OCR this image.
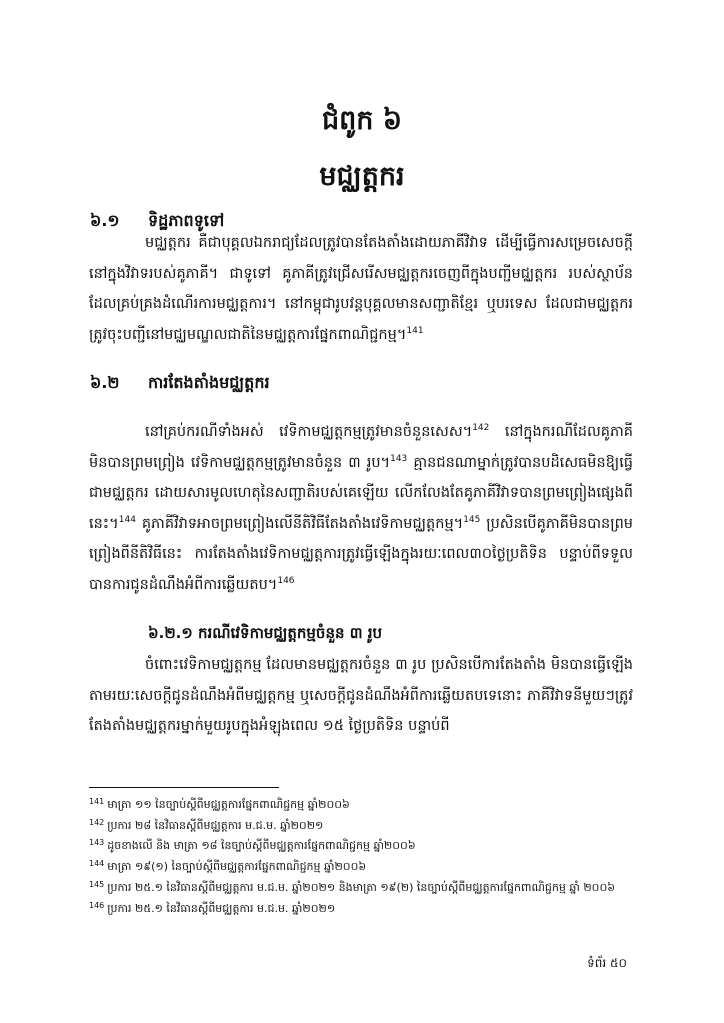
ជំពូក ៦
មជ្ឈត្តករ
៦.១ ទិដ្ឋភាពទូទៅ

មជ្ឈត្តករ គឺជាបុគ្គលឯករាជ្យដែលត្រូវបានតែងតាំងដោយភាគីវិវាទ ដើម្បីធ្វើការសម្រេចសេចក្តីនៅក្នុងវិវាទរបស់គូភាគី។ ជាទូទៅ គូភាគីត្រូវជ្រើសរើសមជ្ឈត្តករចេញពីក្នុងបញ្ជីមជ្ឈត្តករ របស់ស្ថាប័នដែលគ្រប់គ្រងដំណើរការមជ្ឈត្តការ។ នៅកម្ពុជារូបវន្តបុគ្គលមានសញ្ជាតិខ្មែរ ឬបរទេស ដែលជាមជ្ឈត្តករត្រូវចុះបញ្ជីនៅមជ្ឈមណ្ឌលជាតិនៃមជ្ឈត្តការផ្នែកពាណិជ្ជកម្ម។$^{141}$

៦.២ ការតែងតាំងមជ្ឈត្តករ

នៅគ្រប់ករណីទាំងអស់ វេទិកាមជ្ឈត្តកម្មត្រូវមានចំនួនសេស។$^{142}$ នៅក្នុងករណីដែលគូភាគី មិនបានព្រមព្រៀង វេទិកាមជ្ឈត្តកម្មត្រូវមានចំនួន ៣ រូប។$^{143}$ គ្មានជនណាម្នាក់ត្រូវបានបដិសេធមិនឱ្យធ្វើជាមជ្ឈត្តករ ដោយសារមូលហេតុនៃសញ្ជាតិរបស់គេឡើយ លើកលែងតែគូភាគីវិវាទបានព្រមព្រៀងផ្សេងពីនេះ។$^{144}$ គូភាគីវិវាទអាចព្រមព្រៀងលើនីតិវិធីតែងតាំងវេទិកាមជ្ឈត្តកម្ម។$^{145}$ ប្រសិនបើគូភាគីមិនបានព្រមព្រៀងពីនីតិវិធីនេះ ការតែងតាំងវេទិកាមជ្ឈត្តការត្រូវធ្វើឡើងក្នុងរយៈពេល៣០ថ្ងៃប្រតិទិន បន្ទាប់ពីទទួលបានការជូនដំណឹងអំពីការឆ្លើយតប។$^{146}$

៦.២.១ ករណីវេទិកាមជ្ឈត្តកម្មចំនួន ៣ រូប

ចំពោះវេទិកាមជ្ឈត្តកម្ម ដែលមានមជ្ឈត្តករចំនួន ៣ រូប ប្រសិនបើការតែងតាំង មិនបានធ្វើឡើង តាមរយៈសេចក្តីជូនដំណឹងអំពីមជ្ឈត្តកម្ម ឬសេចក្តីជូនដំណឹងអំពីការឆ្លើយតបទេនោះ ភាគីវិវាទនីមួយៗត្រូវតែងតាំងមជ្ឈត្តករម្នាក់មួយរូបក្នុងអំឡុងពេល ១៥ ថ្ងៃប្រតិទិន បន្ទាប់ពី

$^{141}$ មាត្រា ១១ នៃច្បាប់ស្តីពីមជ្ឈត្តការផ្នែកពាណិជ្ជកម្ម ឆ្នាំ២០០៦
$^{142}$ ប្រការ ២៨ នៃវិធានស្តីពីមជ្ឈត្តការ ម.ជ.ម. ឆ្នាំ២០២១
$^{143}$ ដូចខាងលើ និង មាត្រា ១៨ នៃច្បាប់ស្តីពីមជ្ឈត្តការផ្នែកពាណិជ្ជកម្ម ឆ្នាំ២០០៦
$^{144}$ មាត្រា ១៩(១) នៃច្បាប់ស្តីពីមជ្ឈត្តការផ្នែកពាណិជ្ជកម្ម ឆ្នាំ២០០៦
$^{145}$ ប្រការ ២៥.១ នៃវិធានស្តីពីមជ្ឈត្តការ ម.ជ.ម. ឆ្នាំ២០២១ និងមាត្រា ១៩(២) នៃច្បាប់ស្តីពីមជ្ឈត្តការផ្នែកពាណិជ្ជកម្ម ឆ្នាំ ២០០៦
$^{146}$ ប្រការ ២៥.១ នៃវិធានស្តីពីមជ្ឈត្តការ ម.ជ.ម. ឆ្នាំ២០២១
ទំព័រ ៥០
